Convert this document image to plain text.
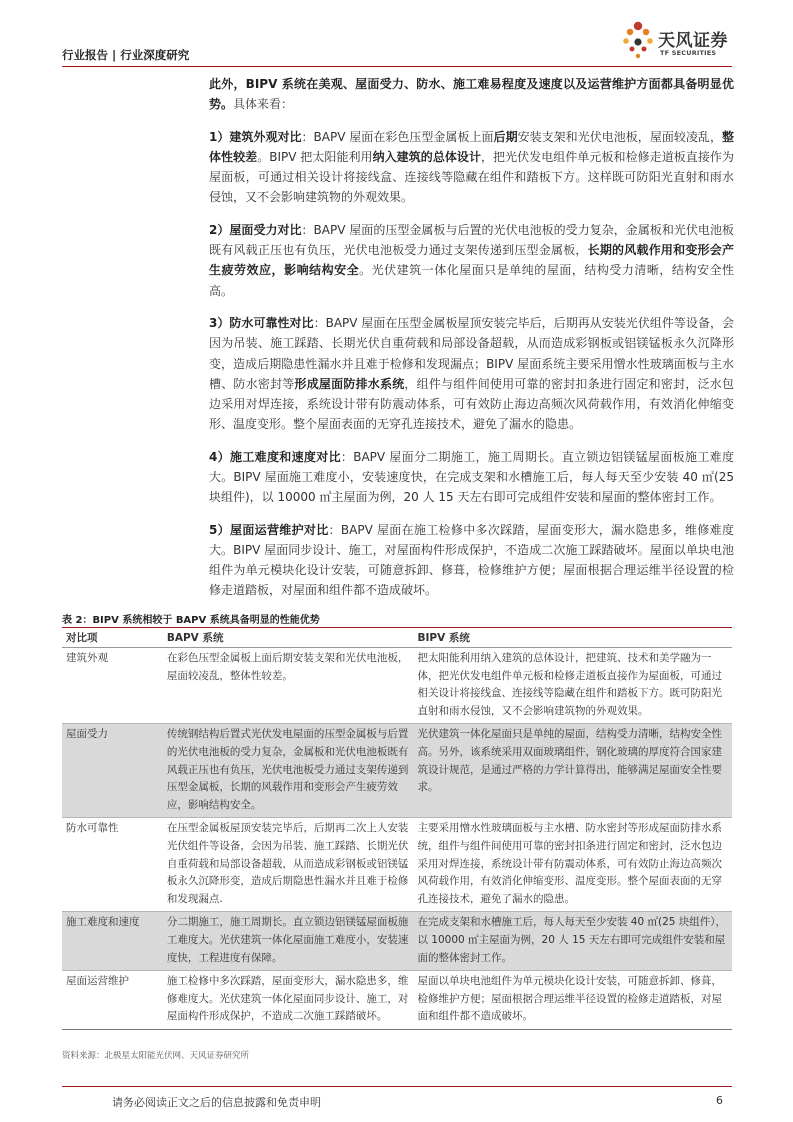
行业报告 | 行业深度研究
天风证券
TF SECURITIES

此外，BIPV 系统在美观、屋面受力、防水、施工难易程度及速度以及运营维护方面都具备明显优势。具体来看：

1）建筑外观对比：BAPV 屋面在彩色压型金属板上面后期安装支架和光伏电池板，屋面较凌乱，整体性较差。BIPV 把太阳能利用纳入建筑的总体设计，把光伏发电组件单元板和检修走道板直接作为屋面板，可通过相关设计将接线盒、连接线等隐藏在组件和踏板下方。这样既可防阳光直射和雨水侵蚀，又不会影响建筑物的外观效果。

2）屋面受力对比：BAPV 屋面的压型金属板与后置的光伏电池板的受力复杂，金属板和光伏电池板既有风载正压也有负压，光伏电池板受力通过支架传递到压型金属板，长期的风载作用和变形会产生疲劳效应，影响结构安全。光伏建筑一体化屋面只是单纯的屋面，结构受力清晰，结构安全性高。

3）防水可靠性对比：BAPV 屋面在压型金属板屋顶安装完毕后，后期再从安装光伏组件等设备，会因为吊装、施工踩踏、长期光伏自重荷载和局部设备超载，从而造成彩钢板或铝镁锰板永久沉降形变，造成后期隐患性漏水并且难于检修和发现漏点；BIPV 屋面系统主要采用憎水性玻璃面板与主水槽、防水密封等形成屋面防排水系统，组件与组件间使用可靠的密封扣条进行固定和密封，泛水包边采用对焊连接，系统设计带有防震动体系，可有效防止海边高频次风荷载作用，有效消化伸缩变形、温度变形。整个屋面表面的无穿孔连接技术，避免了漏水的隐患。

4）施工难度和速度对比：BAPV 屋面分二期施工，施工周期长。直立锁边铝镁锰屋面板施工难度大。BIPV 屋面施工难度小，安装速度快，在完成支架和水槽施工后，每人每天至少安装 40 ㎡(25 块组件)，以 10000 ㎡主屋面为例，20 人 15 天左右即可完成组件安装和屋面的整体密封工作。

5）屋面运营维护对比：BAPV 屋面在施工检修中多次踩踏，屋面变形大，漏水隐患多，维修难度大。BIPV 屋面同步设计、施工，对屋面构件形成保护，不造成二次施工踩踏破坏。屋面以单块电池组件为单元模块化设计安装，可随意拆卸、修葺，检修维护方便；屋面根据合理运维半径设置的检修走道踏板，对屋面和组件都不造成破坏。

表 2：BIPV 系统相较于 BAPV 系统具备明显的性能优势
对比项	BAPV 系统	BIPV 系统
建筑外观	在彩色压型金属板上面后期安装支架和光伏电池板，屋面较凌乱，整体性较差。	把太阳能利用纳入建筑的总体设计，把建筑、技术和美学融为一体，把光伏发电组件单元板和检修走道板直接作为屋面板，可通过相关设计将接线盒、连接线等隐藏在组件和踏板下方。既可防阳光直射和雨水侵蚀，又不会影响建筑物的外观效果。
屋面受力	传统钢结构后置式光伏发电屋面的压型金属板与后置的光伏电池板的受力复杂，金属板和光伏电池板既有风载正压也有负压，光伏电池板受力通过支架传递到压型金属板，长期的风载作用和变形会产生疲劳效应，影响结构安全。	光伏建筑一体化屋面只是单纯的屋面，结构受力清晰，结构安全性高。另外，该系统采用双面玻璃组件，钢化玻璃的厚度符合国家建筑设计规范，是通过严格的力学计算得出，能够满足屋面安全性要求。
防水可靠性	在压型金属板屋顶安装完毕后，后期再二次上人安装光伏组件等设备，会因为吊装、施工踩踏、长期光伏自重荷载和局部设备超载，从而造成彩钢板或铝镁锰板永久沉降形变，造成后期隐患性漏水并且难于检修和发现漏点.	主要采用憎水性玻璃面板与主水槽、防水密封等形成屋面防排水系统，组件与组件间使用可靠的密封扣条进行固定和密封，泛水包边采用对焊连接，系统设计带有防震动体系，可有效防止海边高频次风荷载作用，有效消化伸缩变形、温度变形。整个屋面表面的无穿孔连接技术，避免了漏水的隐患。
施工难度和速度	分二期施工，施工周期长。直立锁边铝镁锰屋面板施工难度大。光伏建筑一体化屋面施工难度小，安装速度快，工程进度有保障。	在完成支架和水槽施工后，每人每天至少安装 40 ㎡(25 块组件），以 10000 ㎡主屋面为例，20 人 15 天左右即可完成组件安装和屋面的整体密封工作。
屋面运营维护	施工检修中多次踩踏，屋面变形大，漏水隐患多，维修难度大。光伏建筑一体化屋面同步设计、施工，对屋面构件形成保护，不造成二次施工踩踏破坏。	屋面以单块电池组件为单元模块化设计安装，可随意拆卸、修葺，检修维护方便；屋面根据合理运维半径设置的检修走道踏板，对屋面和组件都不造成破坏。
资料来源：北极星太阳能光伏网、天风证券研究所
请务必阅读正文之后的信息披露和免责申明	6
